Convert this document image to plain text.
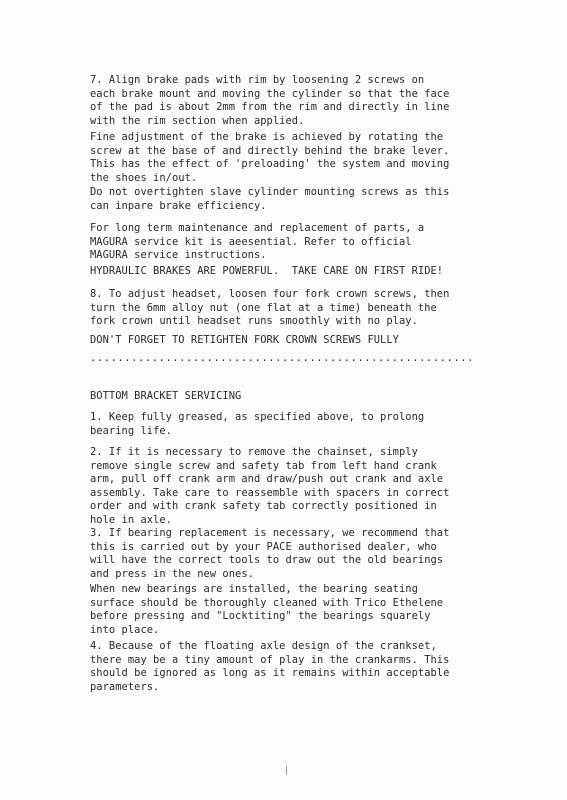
7. Align brake pads with rim by loosening 2 screws on
each brake mount and moving the cylinder so that the face
of the pad is about 2mm from the rim and directly in line
with the rim section when applied.

Fine adjustment of the brake is achieved by rotating the
screw at the base of and directly behind the brake lever.
This has the effect of 'preloading' the system and moving
the shoes in/out.

Do not overtighten slave cylinder mounting screws as this
can inpare brake efficiency.

For long term maintenance and replacement of parts, a
MAGURA service kit is aeesential. Refer to official
MAGURA service instructions.

HYDRAULIC BRAKES ARE POWERFUL.  TAKE CARE ON FIRST RIDE!

8. To adjust headset, loosen four fork crown screws, then
turn the 6mm alloy nut (one flat at a time) beneath the
fork crown until headset runs smoothly with no play.

DON'T FORGET TO RETIGHTEN FORK CROWN SCREWS FULLY

........................................................

BOTTOM BRACKET SERVICING

1. Keep fully greased, as specified above, to prolong
bearing life.

2. If it is necessary to remove the chainset, simply
remove single screw and safety tab from left hand crank
arm, pull off crank arm and draw/push out crank and axle
assembly. Take care to reassemble with spacers in correct
order and with crank safety tab correctly positioned in
hole in axle.

3. If bearing replacement is necessary, we recommend that
this is carried out by your PACE authorised dealer, who
will have the correct tools to draw out the old bearings
and press in the new ones.

When new bearings are installed, the bearing seating
surface should be thoroughly cleaned with Trico Ethelene
before pressing and "Locktiting" the bearings squarely
into place.

4. Because of the floating axle design of the crankset,
there may be a tiny amount of play in the crankarms. This
should be ignored as long as it remains within acceptable
parameters.
